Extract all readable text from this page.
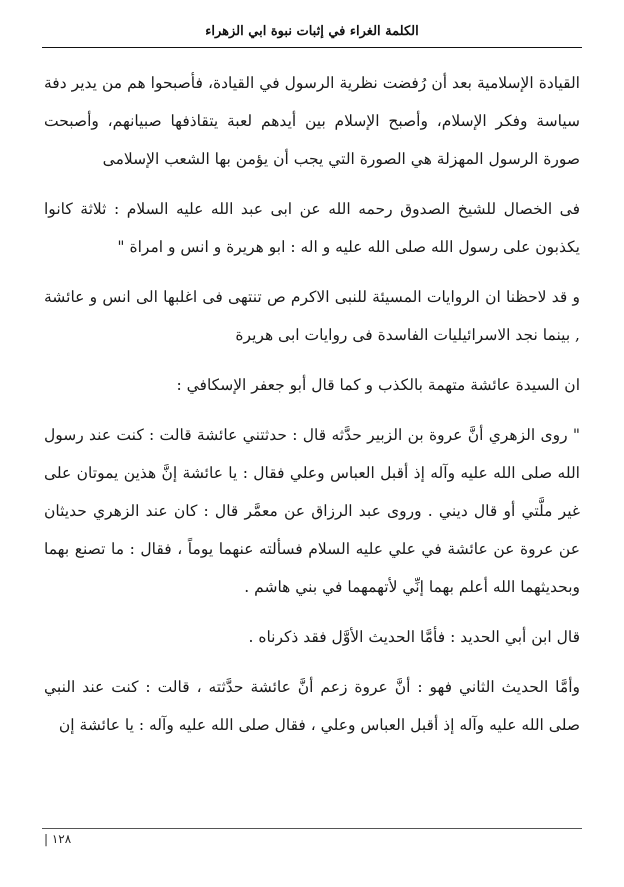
الكلمة الغراء في إثبات نبوة ابي الزهراء

القيادة الإسلامية بعد أن رُفضت نظرية الرسول في القيادة، فأصبحوا هم من يدير دفة سياسة وفكر الإسلام، وأصبح الإسلام بين أيدهم لعبة يتقاذفها صبيانهم، وأصبحت صورة الرسول المهزلة هي الصورة التي يجب أن يؤمن بها الشعب الإسلامى

فى الخصال للشيخ الصدوق رحمه الله عن ابى عبد الله عليه السلام : ثلاثة كانوا يكذبون على رسول الله صلى الله عليه و اله : ابو هريرة و انس و امراة "

و قد لاحظنا ان الروايات المسيئة للنبى الاكرم ص تنتهى فى اغلبها الى انس و عائشة , بينما نجد الاسرائيليات الفاسدة فى روايات ابى هريرة

ان السيدة عائشة متهمة بالكذب و كما قال أبو جعفر الإسكافي :

" روى الزهري أنَّ عروة بن الزبير حدَّثه قال : حدثتني عائشة قالت : كنت عند رسول الله صلى الله عليه وآله إذ أقبل العباس وعلي فقال : يا عائشة إنَّ هذين يموتان على غير ملَّتي أو قال ديني . وروى عبد الرزاق عن معمَّر قال : كان عند الزهري حديثان عن عروة عن عائشة في علي عليه السلام فسألته عنهما يوماً ، فقال : ما تصنع بهما وبحديثهما الله أعلم بهما إنِّي لأتهمهما في بني هاشم .

قال ابن أبي الحديد : فأمَّا الحديث الأوَّل فقد ذكرناه .

وأمَّا الحديث الثاني فهو : أنَّ عروة زعم أنَّ عائشة حدَّثته ، قالت : كنت عند النبي صلى الله عليه وآله إذ أقبل العباس وعلي ، فقال صلى الله عليه وآله : يا عائشة إن

| ١٢٨
